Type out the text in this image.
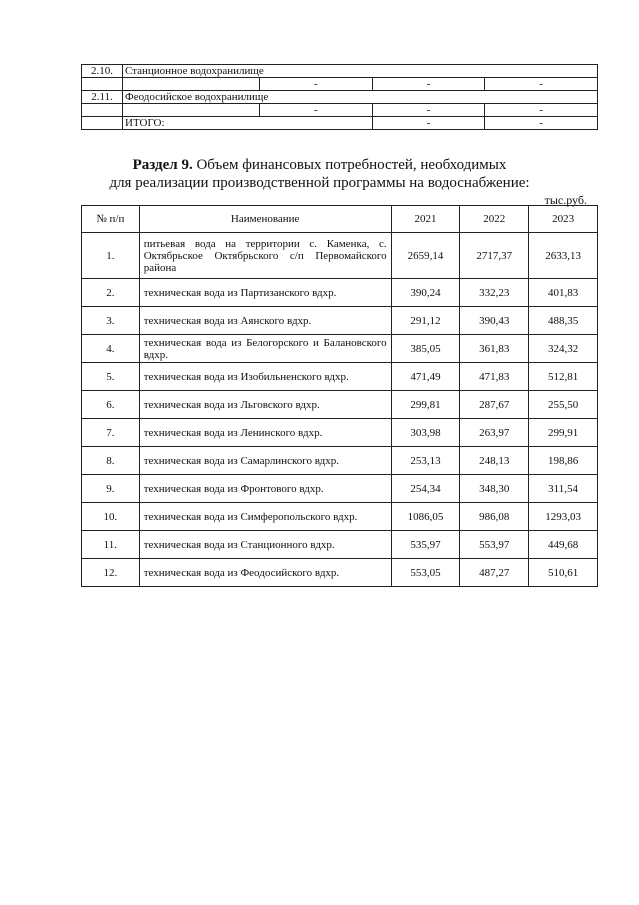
2.10.	Станционное водохранилище			
		-	-	-
2.11.	Феодосийское водохранилище			
		-	-	-
	ИТОГО:		-	-
Раздел 9. Объем финансовых потребностей, необходимых
для реализации производственной программы на водоснабжение:
тыс.руб.
№ п/п	Наименование	2021	2022	2023
1.	питьевая вода на территории с. Каменка, с. Октябрьское Октябрьского с/п Первомайского района	2659,14	2717,37	2633,13
2.	техническая вода из Партизанского вдхр.	390,24	332,23	401,83
3.	техническая вода из Аянского вдхр.	291,12	390,43	488,35
4.	техническая вода из Белогорского и Балановского вдхр.	385,05	361,83	324,32
5.	техническая вода из Изобильненского вдхр.	471,49	471,83	512,81
6.	техническая вода из Льговского вдхр.	299,81	287,67	255,50
7.	техническая вода из Ленинского вдхр.	303,98	263,97	299,91
8.	техническая вода из Самарлинского вдхр.	253,13	248,13	198,86
9.	техническая вода из Фронтового вдхр.	254,34	348,30	311,54
10.	техническая вода из Симферопольского вдхр.	1086,05	986,08	1293,03
11.	техническая вода из Станционного вдхр.	535,97	553,97	449,68
12.	техническая вода из Феодосийского вдхр.	553,05	487,27	510,61
